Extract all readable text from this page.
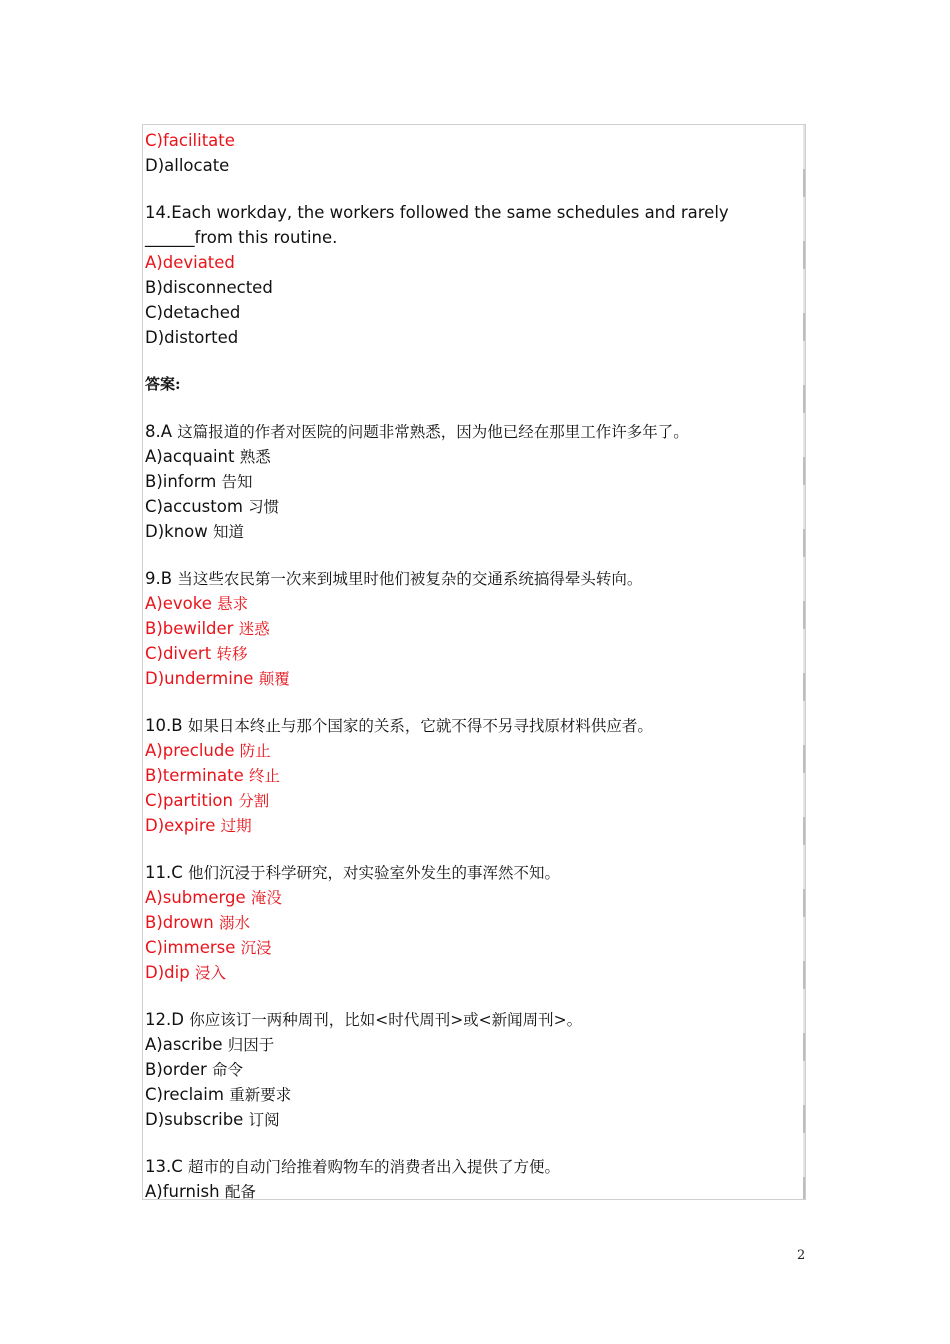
C)facilitate
D)allocate
14.Each workday, the workers followed the same schedules and rarely
______from this routine.
A)deviated
B)disconnected
C)detached
D)distorted
答案:
8.A 这篇报道的作者对医院的问题非常熟悉，因为他已经在那里工作许多年了。
A)acquaint 熟悉
B)inform 告知
C)accustom 习惯
D)know 知道
9.B 当这些农民第一次来到城里时他们被复杂的交通系统搞得晕头转向。
A)evoke 悬求
B)bewilder 迷惑
C)divert 转移
D)undermine 颠覆
10.B 如果日本终止与那个国家的关系，它就不得不另寻找原材料供应者。
A)preclude 防止
B)terminate 终止
C)partition 分割
D)expire 过期
11.C 他们沉浸于科学研究，对实验室外发生的事浑然不知。
A)submerge 淹没
B)drown 溺水
C)immerse 沉浸
D)dip 浸入
12.D 你应该订一两种周刊，比如<时代周刊>或<新闻周刊>。
A)ascribe 归因于
B)order 命令
C)reclaim 重新要求
D)subscribe 订阅
13.C 超市的自动门给推着购物车的消费者出入提供了方便。
A)furnish 配备
2
